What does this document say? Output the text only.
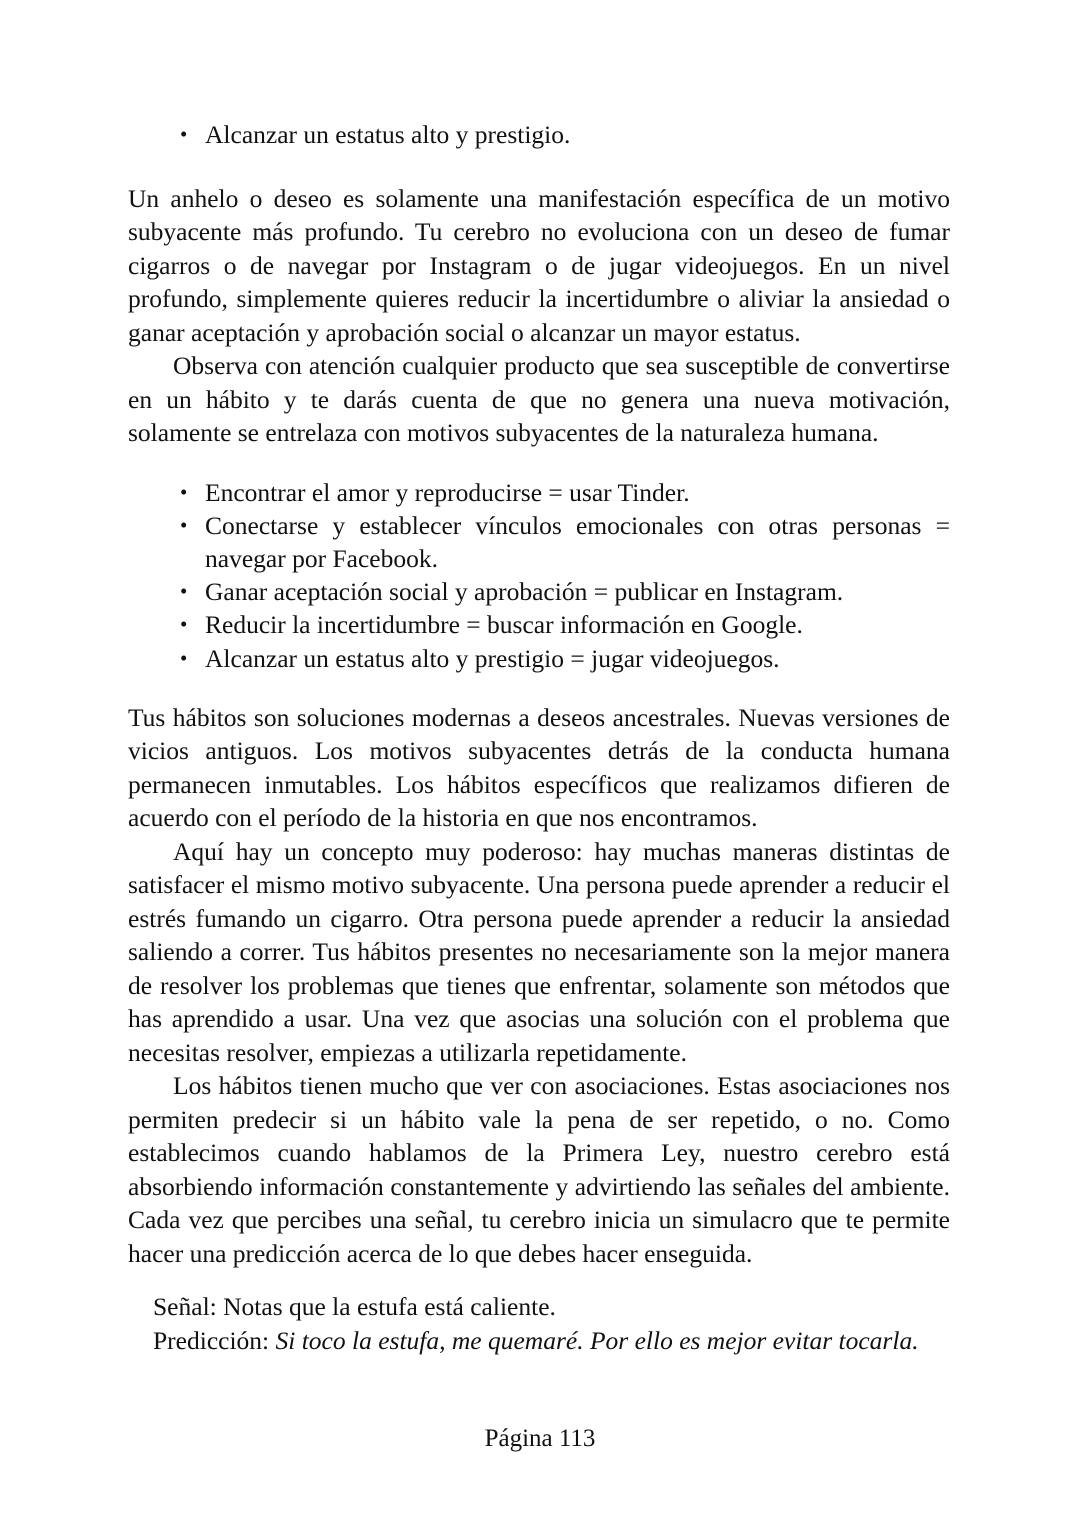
• Alcanzar un estatus alto y prestigio.

Un anhelo o deseo es solamente una manifestación específica de un motivo subyacente más profundo. Tu cerebro no evoluciona con un deseo de fumar cigarros o de navegar por Instagram o de jugar videojuegos. En un nivel profundo, simplemente quieres reducir la incertidumbre o aliviar la ansiedad o ganar aceptación y aprobación social o alcanzar un mayor estatus.

Observa con atención cualquier producto que sea susceptible de convertirse en un hábito y te darás cuenta de que no genera una nueva motivación, solamente se entrelaza con motivos subyacentes de la naturaleza humana.

• Encontrar el amor y reproducirse = usar Tinder.
• Conectarse y establecer vínculos emocionales con otras personas = navegar por Facebook.
• Ganar aceptación social y aprobación = publicar en Instagram.
• Reducir la incertidumbre = buscar información en Google.
• Alcanzar un estatus alto y prestigio = jugar videojuegos.

Tus hábitos son soluciones modernas a deseos ancestrales. Nuevas versiones de vicios antiguos. Los motivos subyacentes detrás de la conducta humana permanecen inmutables. Los hábitos específicos que realizamos difieren de acuerdo con el período de la historia en que nos encontramos.

Aquí hay un concepto muy poderoso: hay muchas maneras distintas de satisfacer el mismo motivo subyacente. Una persona puede aprender a reducir el estrés fumando un cigarro. Otra persona puede aprender a reducir la ansiedad saliendo a correr. Tus hábitos presentes no necesariamente son la mejor manera de resolver los problemas que tienes que enfrentar, solamente son métodos que has aprendido a usar. Una vez que asocias una solución con el problema que necesitas resolver, empiezas a utilizarla repetidamente.

Los hábitos tienen mucho que ver con asociaciones. Estas asociaciones nos permiten predecir si un hábito vale la pena de ser repetido, o no. Como establecimos cuando hablamos de la Primera Ley, nuestro cerebro está absorbiendo información constantemente y advirtiendo las señales del ambiente. Cada vez que percibes una señal, tu cerebro inicia un simulacro que te permite hacer una predicción acerca de lo que debes hacer enseguida.

Señal: Notas que la estufa está caliente.
Predicción: Si toco la estufa, me quemaré. Por ello es mejor evitar tocarla.
Página 113
